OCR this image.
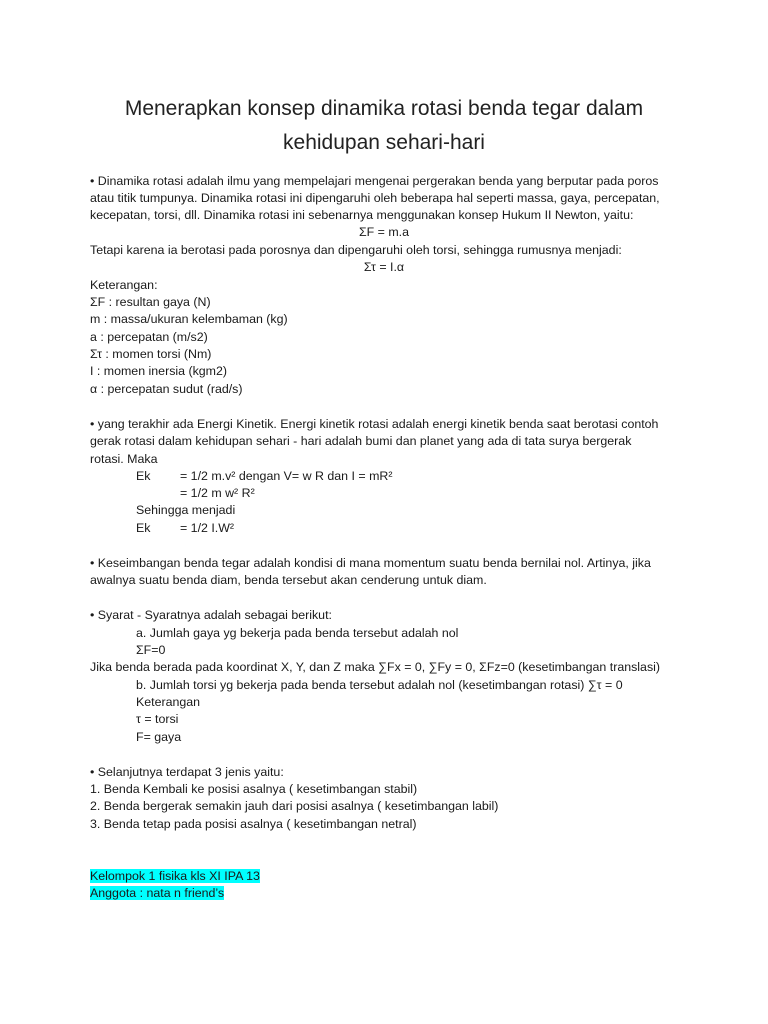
Menerapkan konsep dinamika rotasi benda tegar dalam
kehidupan sehari-hari
• Dinamika rotasi adalah ilmu yang mempelajari mengenai pergerakan benda yang berputar pada poros
atau titik tumpunya. Dinamika rotasi ini dipengaruhi oleh beberapa hal seperti massa, gaya, percepatan,
kecepatan, torsi, dll. Dinamika rotasi ini sebenarnya menggunakan konsep Hukum II Newton, yaitu:
ΣF = m.a
Tetapi karena ia berotasi pada porosnya dan dipengaruhi oleh torsi, sehingga rumusnya menjadi:
Στ = I.α
Keterangan:
ΣF : resultan gaya (N)
m : massa/ukuran kelembaman (kg)
a : percepatan (m/s2)
Στ : momen torsi (Nm)
I : momen inersia (kgm2)
α : percepatan sudut (rad/s)
• yang terakhir ada Energi Kinetik. Energi kinetik rotasi adalah energi kinetik benda saat berotasi contoh
gerak rotasi dalam kehidupan sehari - hari adalah bumi dan planet yang ada di tata surya bergerak
rotasi. Maka
Ek = 1/2 m.v² dengan V= w R dan I = mR²
= 1/2 m w² R²
Sehingga menjadi
Ek = 1/2 I.W²
• Keseimbangan benda tegar adalah kondisi di mana momentum suatu benda bernilai nol. Artinya, jika
awalnya suatu benda diam, benda tersebut akan cenderung untuk diam.
• Syarat - Syaratnya adalah sebagai berikut:
a. Jumlah gaya yg bekerja pada benda tersebut adalah nol
ΣF=0
Jika benda berada pada koordinat X, Y, dan Z maka ∑Fx = 0, ∑Fy = 0, ΣFz=0 (kesetimbangan translasi)
b. Jumlah torsi yg bekerja pada benda tersebut adalah nol (kesetimbangan rotasi) ∑τ = 0
Keterangan
τ = torsi
F= gaya
• Selanjutnya terdapat 3 jenis yaitu:
1. Benda Kembali ke posisi asalnya ( kesetimbangan stabil)
2. Benda bergerak semakin jauh dari posisi asalnya ( kesetimbangan labil)
3. Benda tetap pada posisi asalnya ( kesetimbangan netral)
Kelompok 1 fisika kls XI IPA 13
Anggota : nata n friend’s
